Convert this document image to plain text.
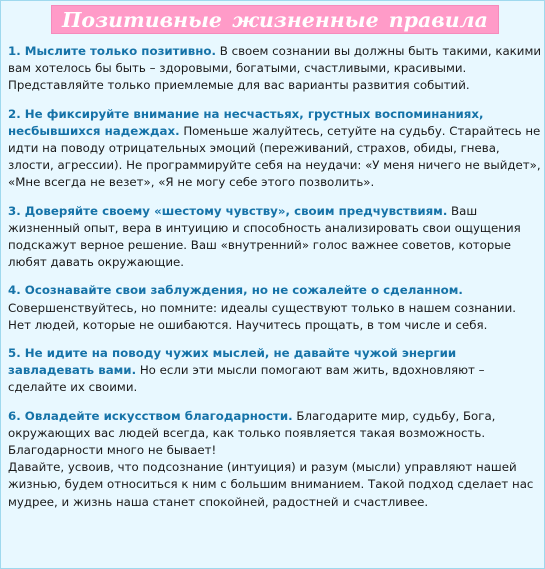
Позитивные жизненные правила
1. Мыслите только позитивно. В своем сознании вы должны быть такими, какими вам хотелось бы быть – здоровыми, богатыми, счастливыми, красивыми. Представляйте только приемлемые для вас варианты развития событий.
2. Не фиксируйте внимание на несчастьях, грустных воспоминаниях, несбывшихся надеждах. Поменьше жалуйтесь, сетуйте на судьбу. Старайтесь не идти на поводу отрицательных эмоций (переживаний, страхов, обиды, гнева, злости, агрессии). Не программируйте себя на неудачи: «У меня ничего не выйдет», «Мне всегда не везет», «Я не могу себе этого позволить».
3. Доверяйте своему «шестому чувству», своим предчувствиям. Ваш жизненный опыт, вера в интуицию и способность анализировать свои ощущения подскажут верное решение. Ваш «внутренний» голос важнее советов, которые любят давать окружающие.
4. Осознавайте свои заблуждения, но не сожалейте о сделанном. Совершенствуйтесь, но помните: идеалы существуют только в нашем сознании. Нет людей, которые не ошибаются. Научитесь прощать, в том числе и себя.
5. Не идите на поводу чужих мыслей, не давайте чужой энергии завладевать вами. Но если эти мысли помогают вам жить, вдохновляют – сделайте их своими.
6. Овладейте искусством благодарности. Благодарите мир, судьбу, Бога, окружающих вас людей всегда, как только появляется такая возможность. Благодарности много не бывает!
Давайте, усвоив, что подсознание (интуиция) и разум (мысли) управляют нашей жизнью, будем относиться к ним с большим вниманием. Такой подход сделает нас мудрее, и жизнь наша станет спокойней, радостней и счастливее.
